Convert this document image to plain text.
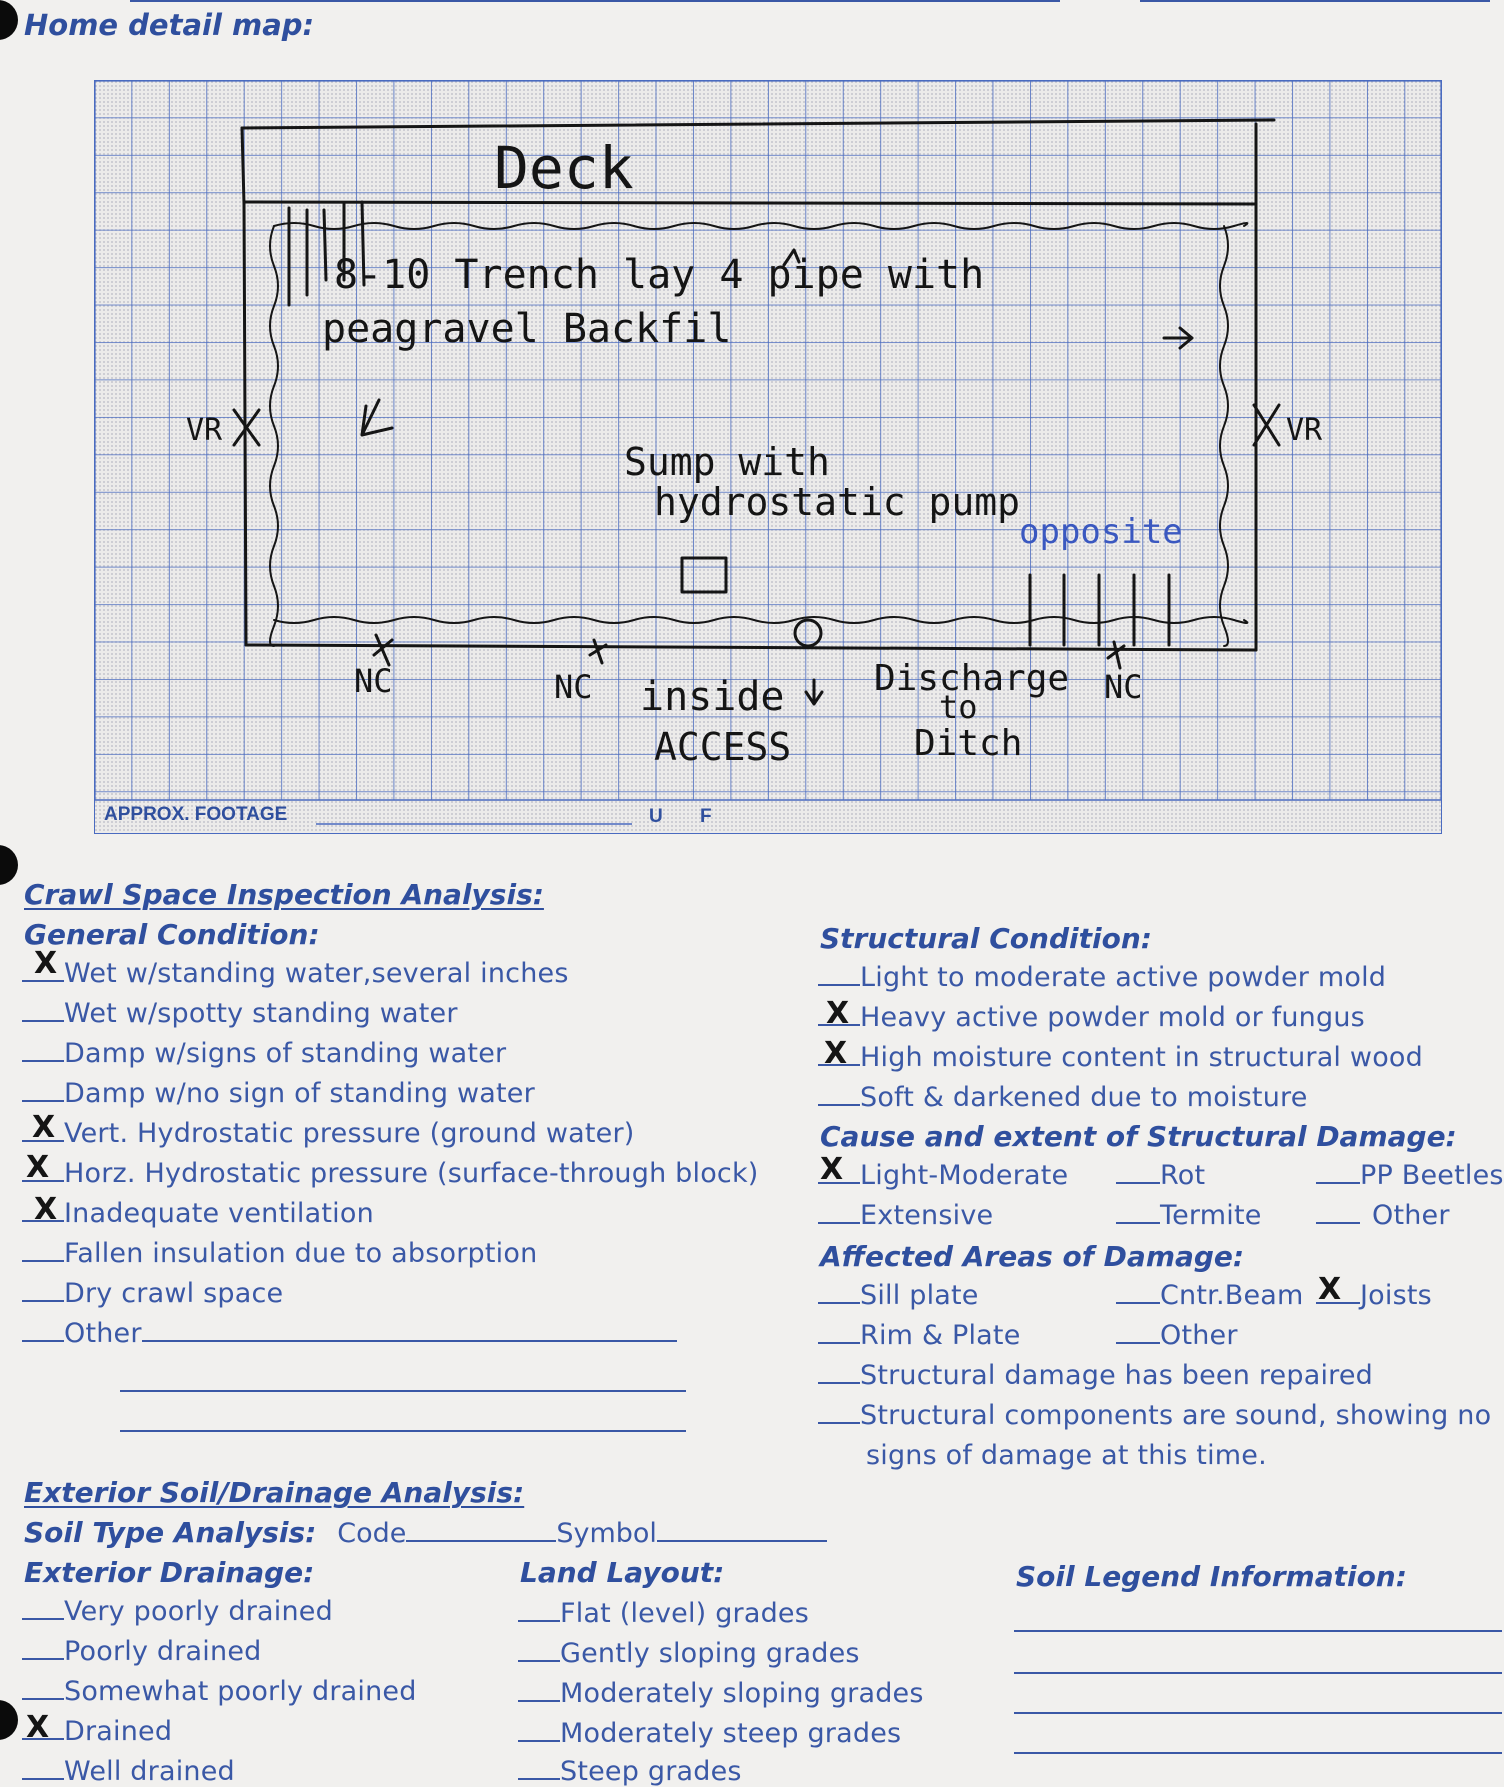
Home detail map:
APPROX. FOOTAGE	U F
Deck
8-10 Trench lay 4 pipe with
peagravel Backfil
VR	VR
Sump with
hydrostatic pump
NC	NC	NC
inside
ACCESS
Discharge
to
Ditch
opposite
Crawl Space Inspection Analysis:
General Condition:
Wet w/standing water,several inches
Wet w/spotty standing water
Damp w/signs of standing water
Damp w/no sign of standing water
Vert. Hydrostatic pressure (ground water)
Horz. Hydrostatic pressure (surface-through block)
Inadequate ventilation
Fallen insulation due to absorption
Dry crawl space
Other
X
X
X
X
Structural Condition:
Light to moderate active powder mold
Heavy active powder mold or fungus
High moisture content in structural wood
Soft & darkened due to moisture
X
X
Cause and extent of Structural Damage:
Light-Moderate	Rot	PP Beetles
Extensive	Termite	Other
X
Affected Areas of Damage:
Sill plate	Cntr.Beam	Joists
Rim & Plate	Other
X
Structural damage has been repaired
Structural components are sound, showing no
signs of damage at this time.
Exterior Soil/Drainage Analysis:
Soil Type Analysis: Code	Symbol
Exterior Drainage:
Very poorly drained
Poorly drained
Somewhat poorly drained
Drained
Well drained
X
Land Layout:
Flat (level) grades
Gently sloping grades
Moderately sloping grades
Moderately steep grades
Steep grades
Soil Legend Information:
